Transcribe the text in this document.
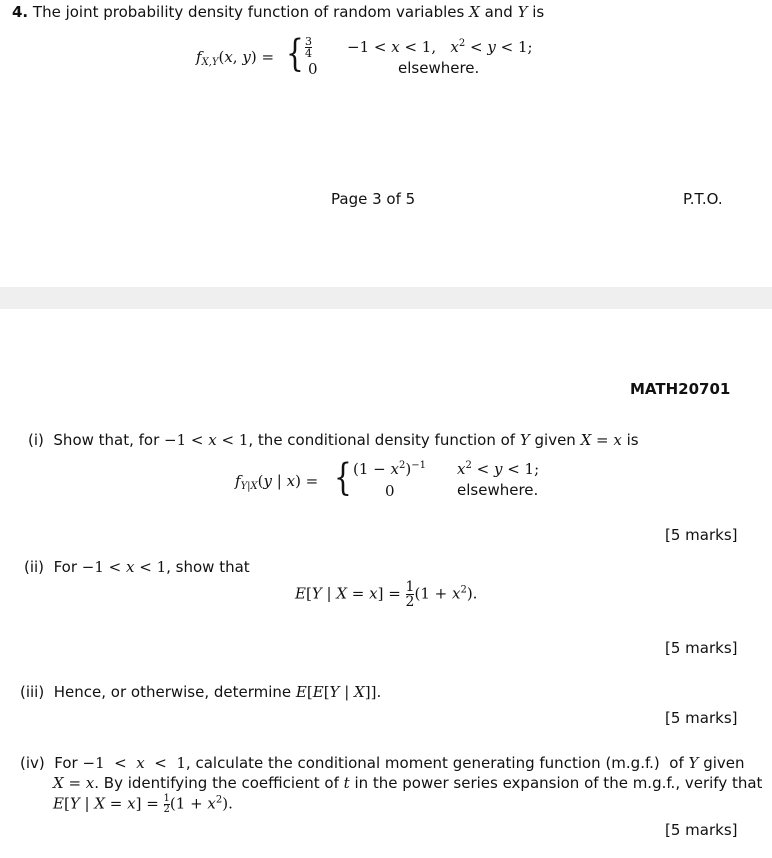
4. The joint probability density function of random variables X and Y is
$f_{X,Y}(x$, y) = { $\frac{3}{4} -1 < x < 1$,   $x^2 < y < 1$;
0	elsewhere.
Page 3 of 5	P.T.O.
MATH20701
(i)  Show that, for −1 < x < 1, the conditional density function of Y given X = x is
$f_{Y|X}(y$ | x) = { $(1 - x^2)^{-1}$ $x^2 < y < 1$;
0	elsewhere.
[5 marks]
(ii)  For −1 < x < 1, show that
E[Y | $X = x] = \frac{1}{2} (1 + x^2)$.
[5 marks]
(iii)  Hence, or otherwise, determine E[E[Y | X]].
[5 marks]
(iv)  For −1  <  x  <  1, calculate the conditional moment generating function (m.g.f.)  of Y given
X = x. By identifying the coefficient of t in the power series expansion of the m.g.f., verify that
E[Y | $X = x] = \frac{1}{2} (1 + x^2)$.
[5 marks]
